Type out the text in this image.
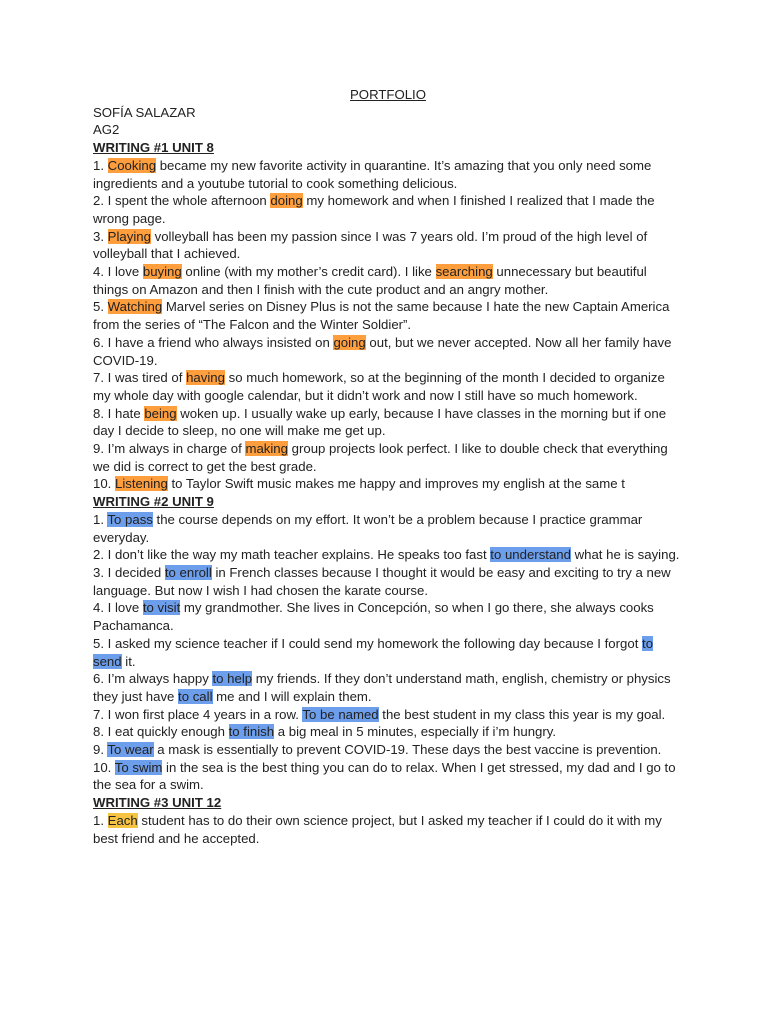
PORTFOLIO

SOFÍA SALAZAR

AG2

WRITING #1 UNIT 8

1. Cooking became my new favorite activity in quarantine. It’s amazing that you only need some ingredients and a youtube tutorial to cook something delicious.

2. I spent the whole afternoon doing my homework and when I finished I realized that I made the wrong page.

3. Playing volleyball has been my passion since I was 7 years old. I’m proud of the high level of volleyball that I achieved.

4. I love buying online (with my mother’s credit card). I like searching unnecessary but beautiful things on Amazon and then I finish with the cute product and an angry mother.

5. Watching Marvel series on Disney Plus is not the same because I hate the new Captain America from the series of “The Falcon and the Winter Soldier”.

6. I have a friend who always insisted on going out, but we never accepted. Now all her family have COVID-19.

7. I was tired of having so much homework, so at the beginning of the month I decided to organize my whole day with google calendar, but it didn’t work and now I still have so much homework.

8. I hate being woken up. I usually wake up early, because I have classes in the morning but if one day I decide to sleep, no one will make me get up.

9. I’m always in charge of making group projects look perfect. I like to double check that everything we did is correct to get the best grade.

10. Listening to Taylor Swift music makes me happy and improves my english at the same t

WRITING #2 UNIT 9

1. To pass the course depends on my effort. It won’t be a problem because I practice grammar everyday.

2. I don’t like the way my math teacher explains. He speaks too fast to understand what he is saying.

3. I decided to enroll in French classes because I thought it would be easy and exciting to try a new language. But now I wish I had chosen the karate course.

4. I love to visit my grandmother. She lives in Concepción, so when I go there, she always cooks Pachamanca.

5. I asked my science teacher if I could send my homework the following day because I forgot to send it.

6. I’m always happy to help my friends. If they don’t understand math, english, chemistry or physics they just have to call me and I will explain them.

7. I won first place 4 years in a row. To be named the best student in my class this year is my goal.

8. I eat quickly enough to finish a big meal in 5 minutes, especially if i’m hungry.

9. To wear a mask is essentially to prevent COVID-19. These days the best vaccine is prevention.

10. To swim in the sea is the best thing you can do to relax. When I get stressed, my dad and I go to the sea for a swim.

WRITING #3 UNIT 12

1. Each student has to do their own science project, but I asked my teacher if I could do it with my best friend and he accepted.
